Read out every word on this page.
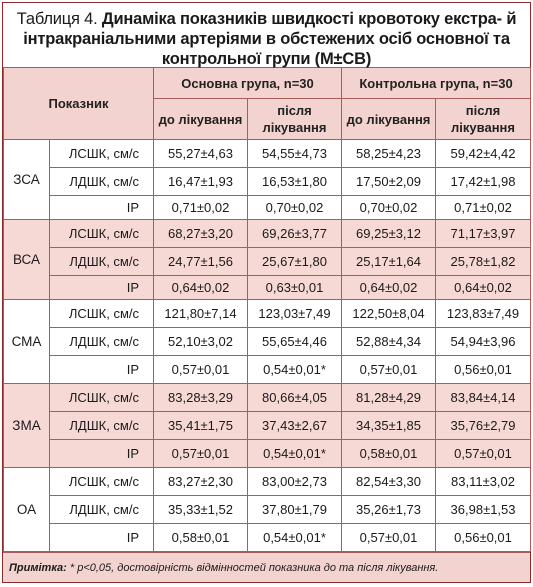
Таблиця 4. Динаміка показників швидкості кровотоку екстра- й інтракраніальними артеріями в обстежених осіб основної та контрольної групи (М±СВ)
Показник		Основна група, n=30		Контрольна група, n=30	
		до лікування	після лікування	до лікування	після лікування
ЗСА	ЛСШК, см/с	55,27±4,63	54,55±4,73	58,25±4,23	59,42±4,42
	ЛДШК, см/с	16,47±1,93	16,53±1,80	17,50±2,09	17,42±1,98
	IP	0,71±0,02	0,70±0,02	0,70±0,02	0,71±0,02
ВСА	ЛСШК, см/с	68,27±3,20	69,26±3,77	69,25±3,12	71,17±3,97
	ЛДШК, см/с	24,77±1,56	25,67±1,80	25,17±1,64	25,78±1,82
	IP	0,64±0,02	0,63±0,01	0,64±0,02	0,64±0,02
СМА	ЛСШК, см/с	121,80±7,14	123,03±7,49	122,50±8,04	123,83±7,49
	ЛДШК, см/с	52,10±3,02	55,65±4,46	52,88±4,34	54,94±3,96
	IP	0,57±0,01	0,54±0,01*	0,57±0,01	0,56±0,01
ЗМА	ЛСШК, см/с	83,28±3,29	80,66±4,05	81,28±4,29	83,84±4,14
	ЛДШК, см/с	35,41±1,75	37,43±2,67	34,35±1,85	35,76±2,79
	IP	0,57±0,01	0,54±0,01*	0,58±0,01	0,57±0,01
ОА	ЛСШК, см/с	83,27±2,30	83,00±2,73	82,54±3,30	83,11±3,02
	ЛДШК, см/с	35,33±1,52	37,80±1,79	35,26±1,73	36,98±1,53
	IP	0,58±0,01	0,54±0,01*	0,57±0,01	0,56±0,01
Примітка: * р<0,05, достовірність відмінностей показника до та після лікування.
